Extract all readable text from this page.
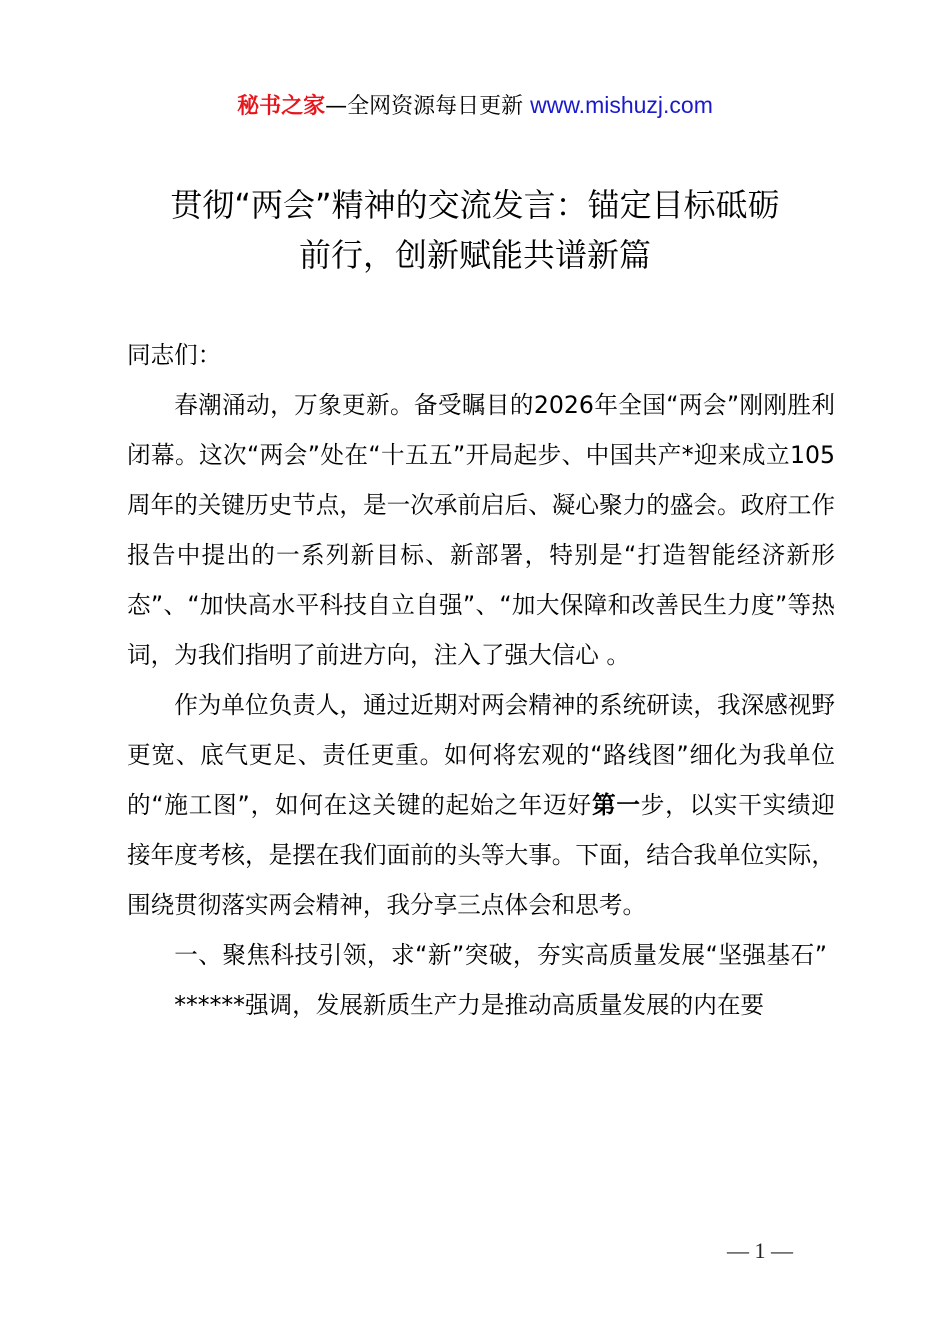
秘书之家—全网资源每日更新 www.mishuzj.com
贯彻“两会”精神的交流发言：锚定目标砥砺
前行，创新赋能共谱新篇

同志们：

春潮涌动，万象更新。备受瞩目的2026年全国“两会”刚刚胜利闭幕。这次“两会”处在“十五五”开局起步、中国共产*迎来成立105周年的关键历史节点，是一次承前启后、凝心聚力的盛会。政府工作报告中提出的一系列新目标、新部署，特别是“打造智能经济新形态”、“加快高水平科技自立自强”、“加大保障和改善民生力度”等热词，为我们指明了前进方向，注入了强大信心 。

作为单位负责人，通过近期对两会精神的系统研读，我深感视野更宽、底气更足、责任更重。如何将宏观的“路线图”细化为我单位的“施工图”，如何在这关键的起始之年迈好第一步，以实干实绩迎接年度考核，是摆在我们面前的头等大事。下面，结合我单位实际，围绕贯彻落实两会精神，我分享三点体会和思考。

一、聚焦科技引领，求“新”突破，夯实高质量发展“坚强基石”

******强调，发展新质生产力是推动高质量发展的内在要

— 1 —
